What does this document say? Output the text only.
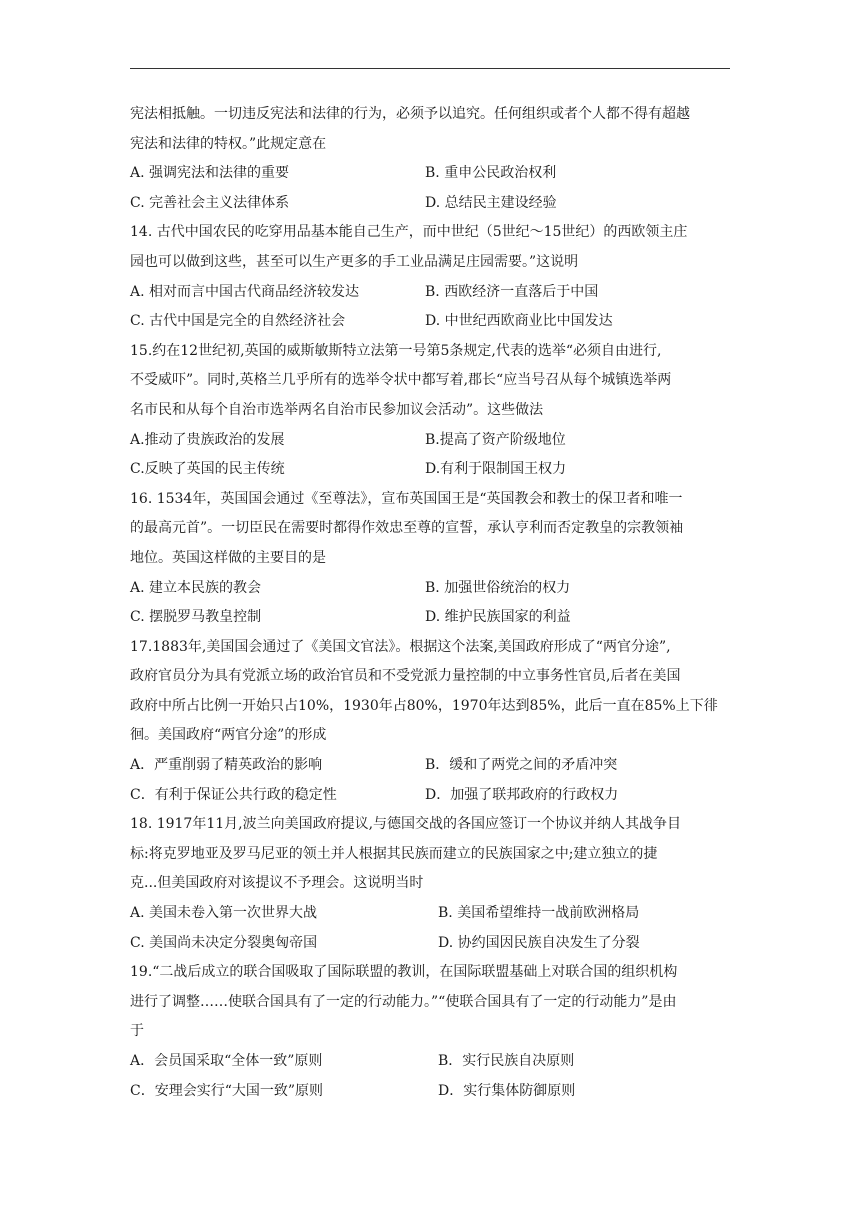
宪法相抵触。一切违反宪法和法律的行为，必须予以追究。任何组织或者个人都不得有超越
宪法和法律的特权。”此规定意在
A. 强调宪法和法律的重要	B. 重申公民政治权利
C. 完善社会主义法律体系	D. 总结民主建设经验
14. 古代中国农民的吃穿用品基本能自己生产，而中世纪（5世纪～15世纪）的西欧领主庄
园也可以做到这些，甚至可以生产更多的手工业品满足庄园需要。”这说明
A. 相对而言中国古代商品经济较发达	B. 西欧经济一直落后于中国
C. 古代中国是完全的自然经济社会	D. 中世纪西欧商业比中国发达
15.约在12世纪初,英国的威斯敏斯特立法第一号第5条规定,代表的选举“必须自由进行,
不受威吓”。同时,英格兰几乎所有的选举令状中都写着,郡长“应当号召从每个城镇选举两
名市民和从每个自治市选举两名自治市民参加议会活动”。这些做法
A.推动了贵族政治的发展	B.提高了资产阶级地位
C.反映了英国的民主传统	D.有利于限制国王权力
16. 1534年，英国国会通过《至尊法》，宣布英国国王是“英国教会和教士的保卫者和唯一
的最高元首”。一切臣民在需要时都得作效忠至尊的宣誓，承认亨利而否定教皇的宗教领袖
地位。英国这样做的主要目的是
A. 建立本民族的教会	B. 加强世俗统治的权力
C. 摆脱罗马教皇控制	D. 维护民族国家的利益
17.1883年,美国国会通过了《美国文官法》。根据这个法案,美国政府形成了“两官分途”,
政府官员分为具有党派立场的政治官员和不受党派力量控制的中立事务性官员,后者在美国
政府中所占比例一开始只占10%，1930年占80%，1970年达到85%，此后一直在85%上下徘
徊。美国政府“两官分途”的形成
A．严重削弱了精英政治的影响	B．缓和了两党之间的矛盾冲突
C．有利于保证公共行政的稳定性	D．加强了联邦政府的行政权力
18. 1917年11月,波兰向美国政府提议,与德国交战的各国应签订一个协议并纳人其战争目
标:将克罗地亚及罗马尼亚的领土并人根据其民族而建立的民族国家之中;建立独立的捷
克...但美国政府对该提议不予理会。这说明当时
A. 美国未卷入第一次世界大战	B. 美国希望维持一战前欧洲格局
C. 美国尚未决定分裂奥匈帝国	D. 协约国因民族自决发生了分裂
19.“二战后成立的联合国吸取了国际联盟的教训，在国际联盟基础上对联合国的组织机构
进行了调整……使联合国具有了一定的行动能力。”“使联合国具有了一定的行动能力”是由
于
A．会员国采取“全体一致”原则	B．实行民族自决原则
C．安理会实行“大国一致”原则	D．实行集体防御原则
